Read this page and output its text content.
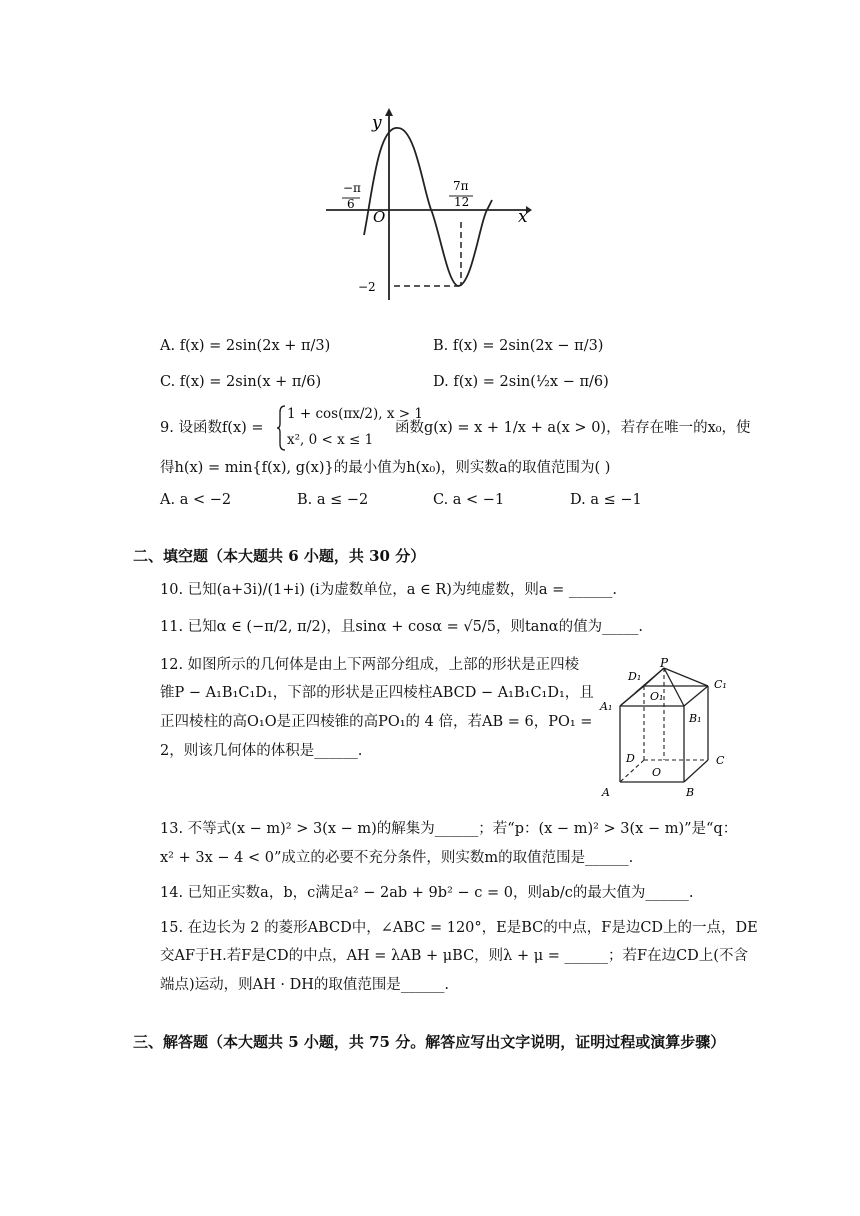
y
x
O
−π
6
7π
12
−2
A. f(x) = 2sin(2x + π/3)	B. f(x) = 2sin(2x − π/3)
C. f(x) = 2sin(x + π/6)	D. f(x) = 2sin(½x − π/6)
9. 设函数f(x) =
1 + cos(πx/2), x > 1
x², 0 < x ≤ 1
函数g(x) = x + 1/x + a(x > 0)，若存在唯一的x₀，使
得h(x) = min{f(x), g(x)}的最小值为h(x₀)，则实数a的取值范围为( )
A. a < −2	B. a ≤ −2	C. a < −1	D. a ≤ −1
二、填空题（本大题共 6 小题，共 30 分）
10. 已知(a+3i)/(1+i) (i为虚数单位，a ∈ R)为纯虚数，则a = ______.
11. 已知α ∈ (−π/2, π/2)，且sinα + cosα = √5/5，则tanα的值为_____.
12. 如图所示的几何体是由上下两部分组成，上部的形状是正四棱
锥P − A₁B₁C₁D₁，下部的形状是正四棱柱ABCD − A₁B₁C₁D₁，且
正四棱柱的高O₁O是正四棱锥的高PO₁的 4 倍，若AB = 6，PO₁ =
2，则该几何体的体积是______.
P
D₁
O₁
C₁
A₁
B₁
D
O
C
A	B
13. 不等式(x − m)² > 3(x − m)的解集为______；若“p：(x − m)² > 3(x − m)”是“q：
x² + 3x − 4 < 0”成立的必要不充分条件，则实数m的取值范围是______.
14. 已知正实数a，b，c满足a² − 2ab + 9b² − c = 0，则ab/c的最大值为______.
15. 在边长为 2 的菱形ABCD中，∠ABC = 120°，E是BC的中点，F是边CD上的一点，DE
交AF于H.若F是CD的中点，AH = λAB + μBC，则λ + μ = ______；若F在边CD上(不含
端点)运动，则AH · DH的取值范围是______.
三、解答题（本大题共 5 小题，共 75 分。解答应写出文字说明，证明过程或演算步骤）
